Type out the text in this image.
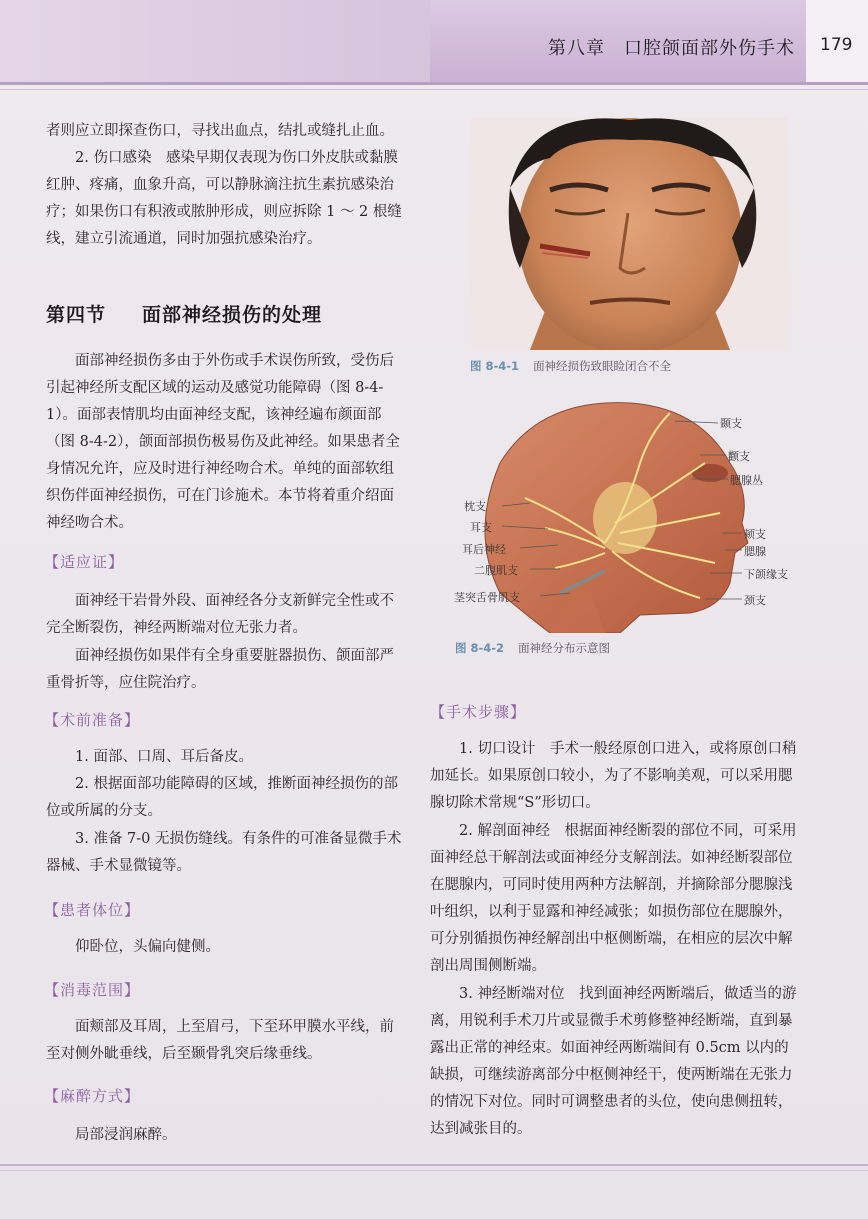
第八章　口腔颌面部外伤手术 179
者则应立即探查伤口，寻找出血点，结扎或缝扎止血。
2. 伤口感染　感染早期仅表现为伤口外皮肤或黏膜红肿、疼痛，血象升高，可以静脉滴注抗生素抗感染治疗；如果伤口有积液或脓肿形成，则应拆除 1 ～ 2 根缝线，建立引流通道，同时加强抗感染治疗。
第四节 面部神经损伤的处理
面部神经损伤多由于外伤或手术误伤所致，受伤后引起神经所支配区域的运动及感觉功能障碍（图 8-4-1）。面部表情肌均由面神经支配，该神经遍布颜面部（图 8-4-2），颌面部损伤极易伤及此神经。如果患者全身情况允许，应及时进行神经吻合术。单纯的面部软组织伤伴面神经损伤，可在门诊施术。本节将着重介绍面神经吻合术。
【适应证】
面神经干岩骨外段、面神经各分支新鲜完全性或不完全断裂伤，神经两断端对位无张力者。
面神经损伤如果伴有全身重要脏器损伤、颌面部严重骨折等，应住院治疗。
【术前准备】
1. 面部、口周、耳后备皮。
2. 根据面部功能障碍的区域，推断面神经损伤的部位或所属的分支。
3. 准备 7-0 无损伤缝线。有条件的可准备显微手术器械、手术显微镜等。
【患者体位】
仰卧位，头偏向健侧。
【消毒范围】
面颊部及耳周，上至眉弓，下至环甲膜水平线，前至对侧外眦垂线，后至颞骨乳突后缘垂线。
【麻醉方式】
局部浸润麻醉。
图 8-4-1 面神经损伤致眼睑闭合不全
颞支
颧支
腮腺丛
枕支
耳支
耳后神经
二腹肌支
茎突舌骨肌支
颊支
腮腺
下颌缘支
颈支
图 8-4-2 面神经分布示意图
【手术步骤】
1. 切口设计　手术一般经原创口进入，或将原创口稍加延长。如果原创口较小，为了不影响美观，可以采用腮腺切除术常规“S”形切口。
2. 解剖面神经　根据面神经断裂的部位不同，可采用面神经总干解剖法或面神经分支解剖法。如神经断裂部位在腮腺内，可同时使用两种方法解剖，并摘除部分腮腺浅叶组织，以利于显露和神经减张；如损伤部位在腮腺外，可分别循损伤神经解剖出中枢侧断端，在相应的层次中解剖出周围侧断端。
3. 神经断端对位　找到面神经两断端后，做适当的游离，用锐利手术刀片或显微手术剪修整神经断端，直到暴露出正常的神经束。如面神经两断端间有 0.5cm 以内的缺损，可继续游离部分中枢侧神经干，使两断端在无张力的情况下对位。同时可调整患者的头位，使向患侧扭转，达到减张目的。
